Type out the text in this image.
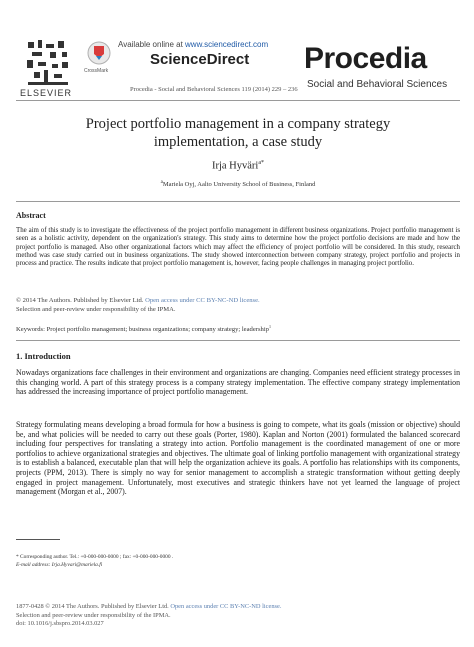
ELSEVIER
CrossMark
Available online at www.sciencedirect.com
ScienceDirect
Procedia - Social and Behavioral Sciences 119 (2014) 229 – 236
Procedia
Social and Behavioral Sciences
Project portfolio management in a company strategy
implementation, a case study
Irja Hyväri$^{a*}$
$^a$Mariela Oyj, Aalto University School of Business, Finland
Abstract
The aim of this study is to investigate the effectiveness of the project portfolio management in different business organizations. Project portfolio management is seen as a holistic activity, dependent on the organization's strategy. This study aims to determine how the project portfolio decisions are made and how the project portfolio is managed. Also other organizational factors which may affect the efficiency of project portfolio will be considered. In this study, research method was case study carried out in business organizations. The study showed interconnection between company strategy, project portfolio and projects in process and practice. The results indicate that project portfolio management is, however, facing people challenges in managing project portfolio.
© 2014 The Authors. Published by Elsevier Ltd. Open access under CC BY-NC-ND license.
Selection and peer-review under responsibility of the IPMA.
Keywords: Project portfolio management; business organizations; company strategy; leadership$^1$
1. Introduction
Nowadays organizations face challenges in their environment and organizations are changing. Companies need efficient strategy processes in this changing world. A part of this strategy process is a company strategy implementation. The effective company strategy implementation has addressed the increasing importance of project portfolio management.
Strategy formulating means developing a broad formula for how a business is going to compete, what its goals (mission or objective) should be, and what policies will be needed to carry out these goals (Porter, 1980). Kaplan and Norton (2001) formulated the balanced scorecard including four perspectives for translating a strategy into action. Portfolio management is the coordinated management of one or more portfolios to achieve organizational strategies and objectives. The ultimate goal of linking portfolio management with organizational strategy is to establish a balanced, executable plan that will help the organization achieve its goals. A portfolio has relationships with its components, projects (PPM, 2013). There is simply no way for senior management to accomplish a strategic transformation without getting deeply engaged in project management. Unfortunately, most executives and strategic thinkers have not yet learned the language of project management (Morgan et al., 2007).
* Corresponding author. Tel.: +0-000-000-0000 ; fax: +0-000-000-0000 .
E-mail address: Irja.Hyvari@mariela.fi
1877-0428 © 2014 The Authors. Published by Elsevier Ltd. Open access under CC BY-NC-ND license.
Selection and peer-review under responsibility of the IPMA.
doi: 10.1016/j.sbspro.2014.03.027
